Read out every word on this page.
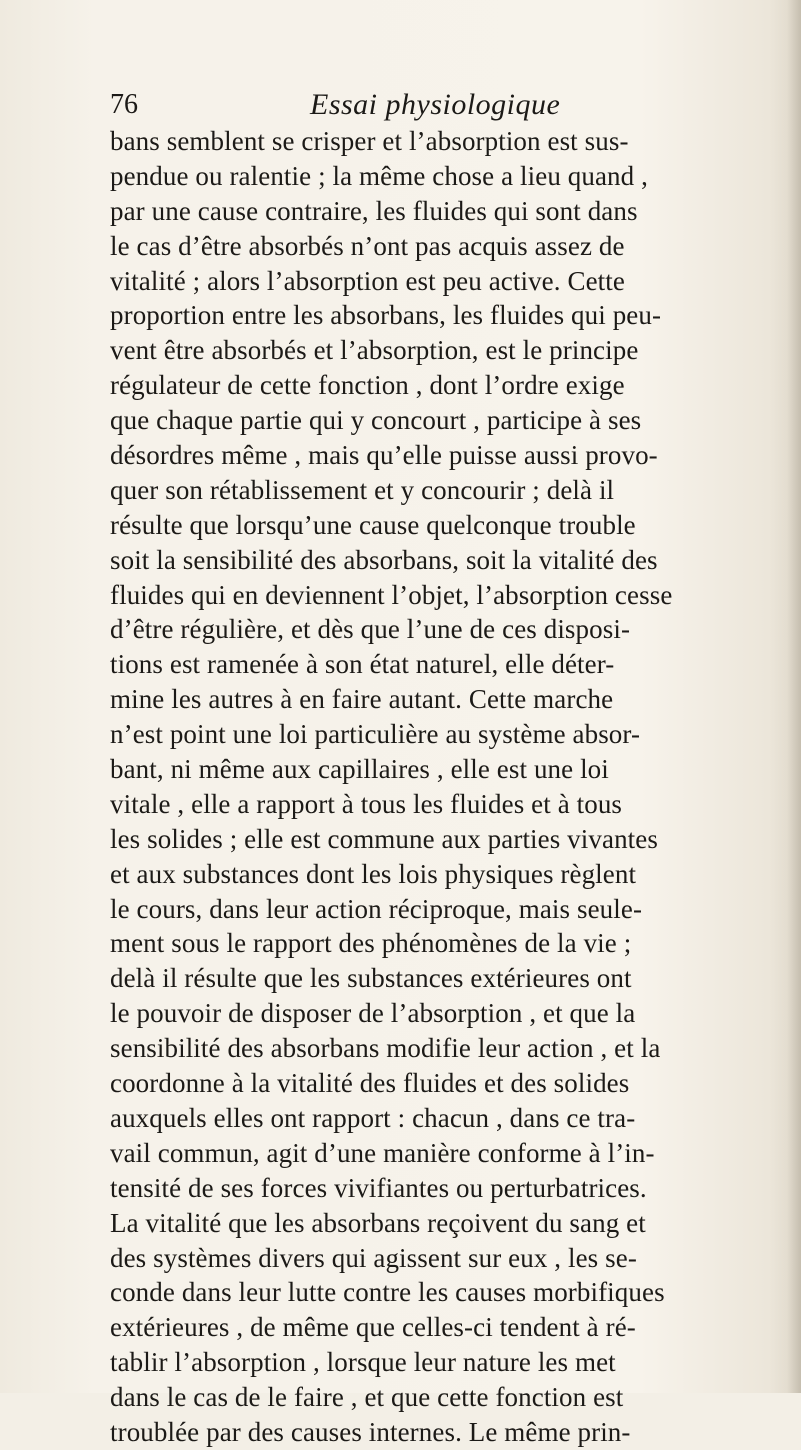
76	Essai physiologique
bans semblent se crisper et l’absorption est sus-
pendue ou ralentie ; la même chose a lieu quand ,
par une cause contraire, les fluides qui sont dans
le cas d’être absorbés n’ont pas acquis assez de
vitalité ; alors l’absorption est peu active. Cette
proportion entre les absorbans, les fluides qui peu-
vent être absorbés et l’absorption, est le principe
régulateur de cette fonction , dont l’ordre exige
que chaque partie qui y concourt , participe à ses
désordres même , mais qu’elle puisse aussi provo-
quer son rétablissement et y concourir ; delà il
résulte que lorsqu’une cause quelconque trouble
soit la sensibilité des absorbans, soit la vitalité des
fluides qui en deviennent l’objet, l’absorption cesse
d’être régulière, et dès que l’une de ces disposi-
tions est ramenée à son état naturel, elle déter-
mine les autres à en faire autant. Cette marche
n’est point une loi particulière au système absor-
bant, ni même aux capillaires , elle est une loi
vitale , elle a rapport à tous les fluides et à tous
les solides ; elle est commune aux parties vivantes
et aux substances dont les lois physiques règlent
le cours, dans leur action réciproque, mais seule-
ment sous le rapport des phénomènes de la vie ;
delà il résulte que les substances extérieures ont
le pouvoir de disposer de l’absorption , et que la
sensibilité des absorbans modifie leur action , et la
coordonne à la vitalité des fluides et des solides
auxquels elles ont rapport : chacun , dans ce tra-
vail commun, agit d’une manière conforme à l’in-
tensité de ses forces vivifiantes ou perturbatrices.
La vitalité que les absorbans reçoivent du sang et
des systèmes divers qui agissent sur eux , les se-
conde dans leur lutte contre les causes morbifiques
extérieures , de même que celles-ci tendent à ré-
tablir l’absorption , lorsque leur nature les met
dans le cas de le faire , et que cette fonction est
troublée par des causes internes. Le même prin-
